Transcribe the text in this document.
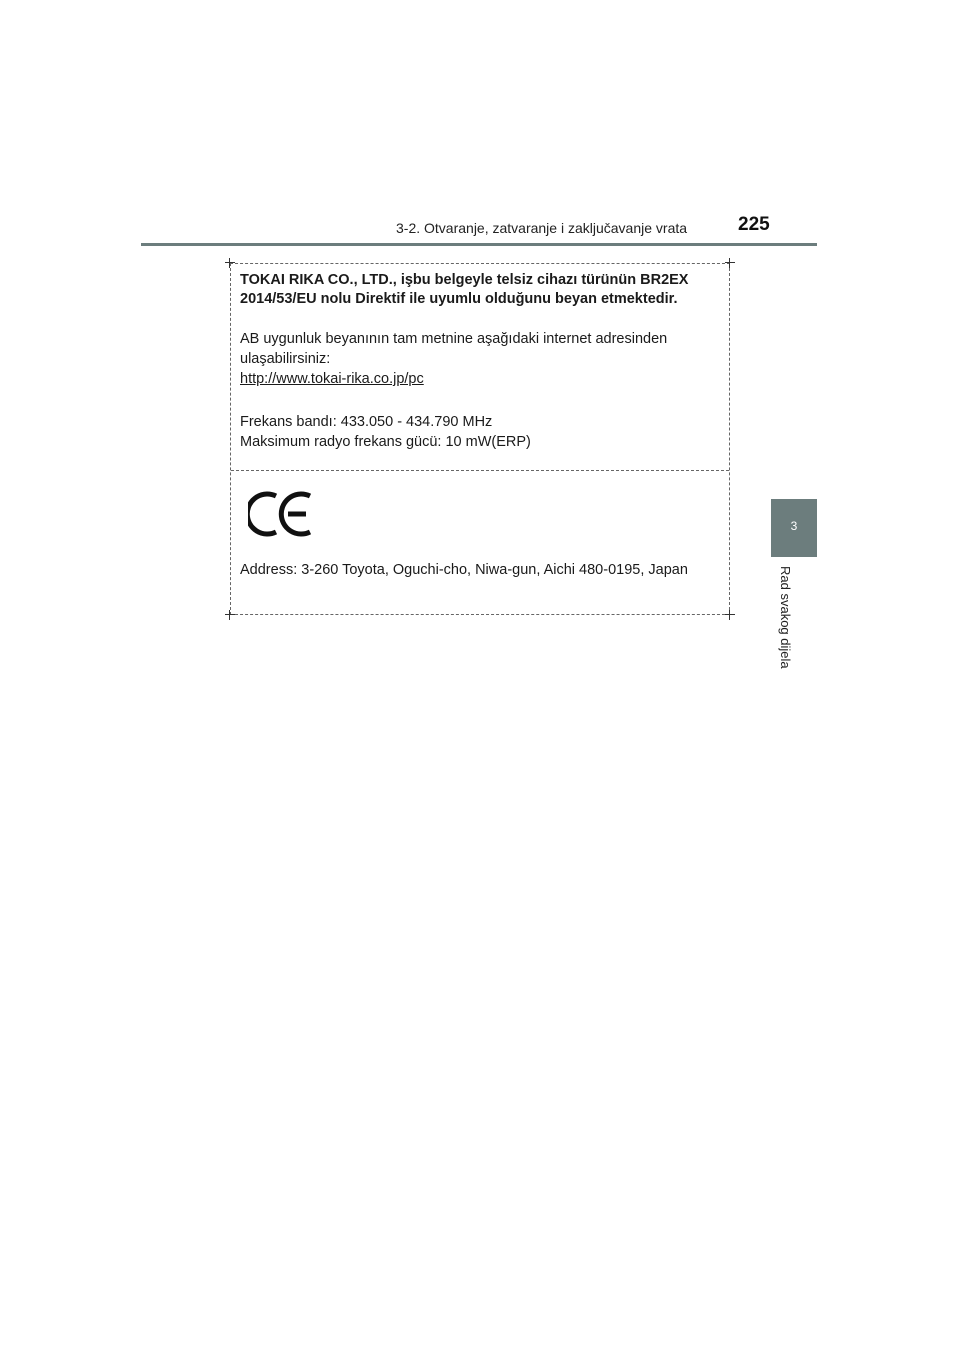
3-2. Otvaranje, zatvaranje i zaključavanje vrata	225
3
Rad svakog dijela
TOKAI RIKA CO., LTD., işbu belgeyle telsiz cihazı türünün BR2EX
2014/53/EU nolu Direktif ile uyumlu olduğunu beyan etmektedir.
AB uygunluk beyanının tam metnine aşağıdaki internet adresinden
ulaşabilirsiniz:
http://www.tokai-rika.co.jp/pc
Frekans bandı: 433.050 - 434.790 MHz
Maksimum radyo frekans gücü: 10 mW(ERP)
Address: 3-260 Toyota, Oguchi-cho, Niwa-gun, Aichi 480-0195, Japan
